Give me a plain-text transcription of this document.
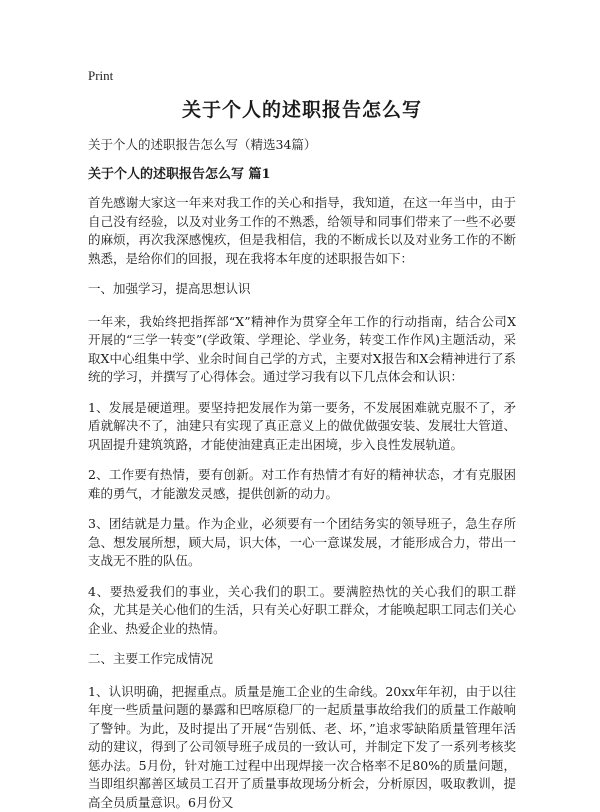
Print
关于个人的述职报告怎么写
关于个人的述职报告怎么写（精选34篇）
关于个人的述职报告怎么写 篇1

首先感谢大家这一年来对我工作的关心和指导，我知道，在这一年当中，由于自己没有经验，以及对业务工作的不熟悉，给领导和同事们带来了一些不必要的麻烦，再次我深感愧疚，但是我相信，我的不断成长以及对业务工作的不断熟悉，是给你们的回报，现在我将本年度的述职报告如下：

一、加强学习，提高思想认识

一年来，我始终把指挥部“X”精神作为贯穿全年工作的行动指南，结合公司X开展的“三学一转变”(学政策、学理论、学业务，转变工作作风)主题活动，采取X中心组集中学、业余时间自己学的方式，主要对X报告和X会精神进行了系统的学习，并撰写了心得体会。通过学习我有以下几点体会和认识：

1、发展是硬道理。要坚持把发展作为第一要务，不发展困难就克服不了，矛盾就解决不了，油建只有实现了真正意义上的做优做强安装、发展壮大管道、巩固提升建筑筑路，才能使油建真正走出困境，步入良性发展轨道。

2、工作要有热情，要有创新。对工作有热情才有好的精神状态，才有克服困难的勇气，才能激发灵感，提供创新的动力。

3、团结就是力量。作为企业，必须要有一个团结务实的领导班子，急生存所急、想发展所想，顾大局，识大体，一心一意谋发展，才能形成合力，带出一支战无不胜的队伍。

4、要热爱我们的事业，关心我们的职工。要满腔热忱的关心我们的职工群众，尤其是关心他们的生活，只有关心好职工群众，才能唤起职工同志们关心企业、热爱企业的热情。

二、主要工作完成情况

1、认识明确，把握重点。质量是施工企业的生命线。20xx年年初，由于以往年度一些质量问题的暴露和巴喀原稳厂的一起质量事故给我们的质量工作敲响了警钟。为此，及时提出了开展“告别低、老、坏，”追求零缺陷质量管理年活动的建议，得到了公司领导班子成员的一致认可，并制定下发了一系列考核奖惩办法。5月份，针对施工过程中出现焊接一次合格率不足80%的质量问题，当即组织鄯善区域员工召开了质量事故现场分析会，分析原因，吸取教训，提高全员质量意识。6月份又
